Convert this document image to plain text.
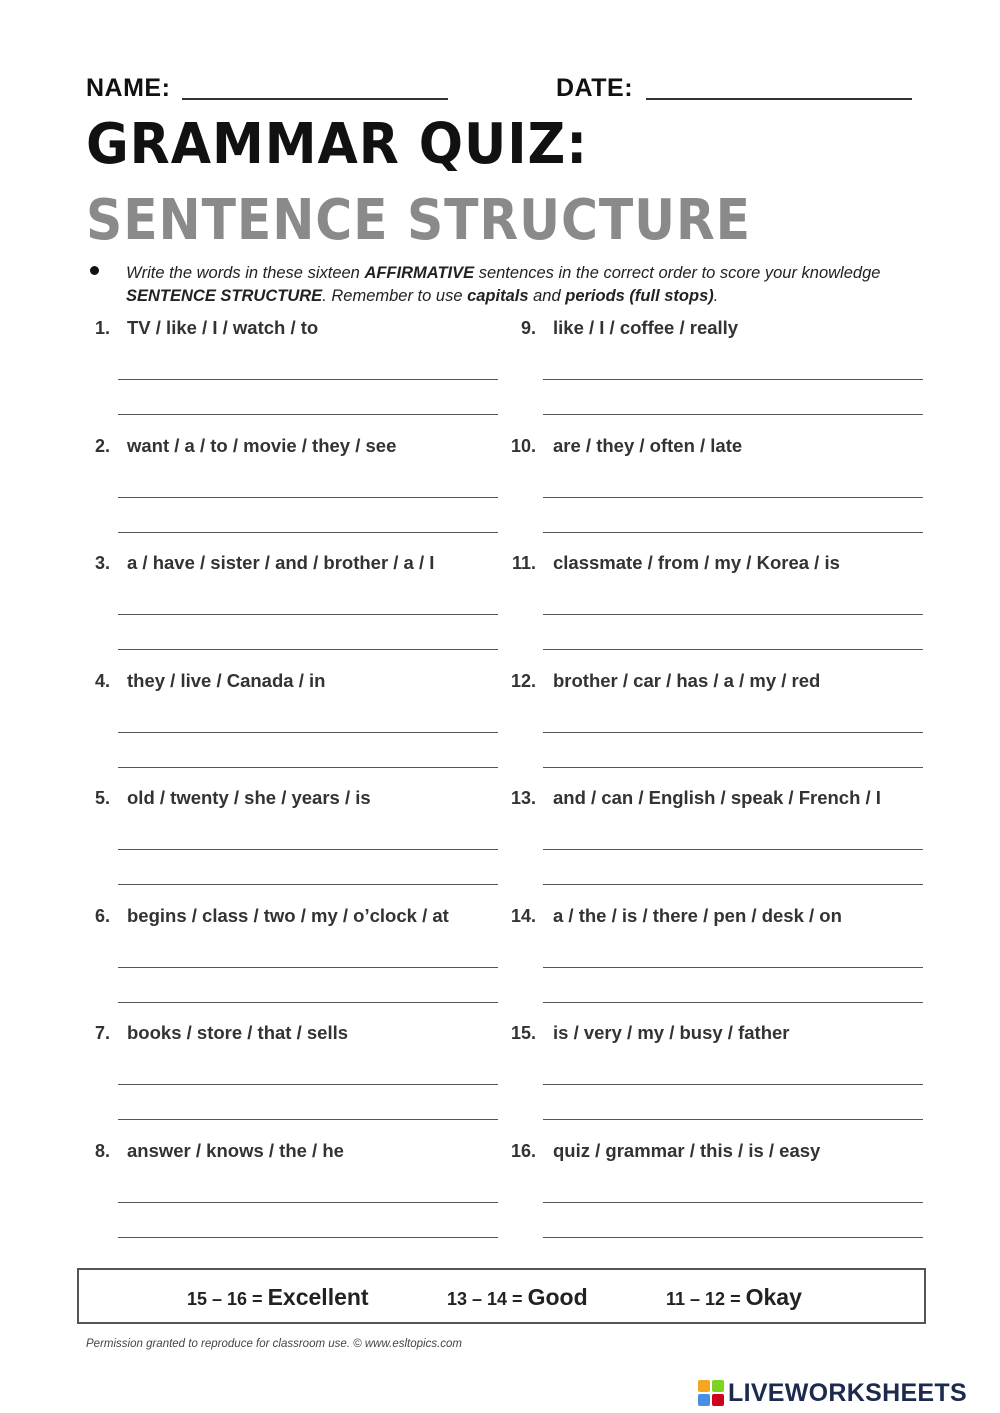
NAME:	DATE:
GRAMMAR QUIZ:
SENTENCE STRUCTURE
Write the words in these sixteen AFFIRMATIVE sentences in the correct order to score your knowledge SENTENCE STRUCTURE. Remember to use capitals and periods (full stops).
1. TV / like / I / watch / to
2. want / a / to / movie / they / see
3. a / have / sister / and / brother / a / I
4. they / live / Canada / in
5. old / twenty / she / years / is
6. begins / class / two / my / o’clock / at
7. books / store / that / sells
8. answer / knows / the / he
9. like / I / coffee / really
10. are / they / often / late
11. classmate / from / my / Korea / is
12. brother / car / has / a / my / red
13. and / can / English / speak / French / I
14. a / the / is / there / pen / desk / on
15. is / very / my / busy / father
16. quiz / grammar / this / is / easy
15 – 16 = Excellent	13 – 14 = Good	11 – 12 = Okay
Permission granted to reproduce for classroom use. © www.esltopics.com
LIVEWORKSHEETS
